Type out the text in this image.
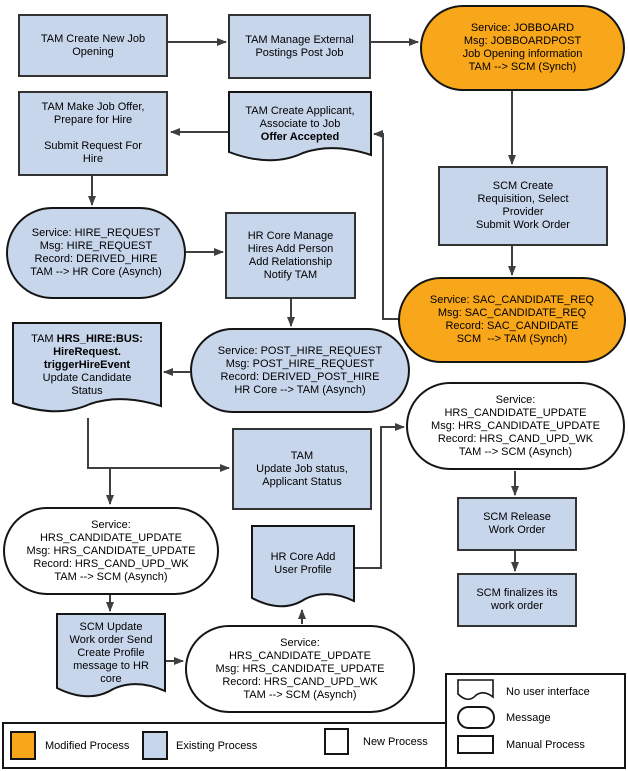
TAM Create New Job
Opening
TAM Manage External
Postings Post Job
Service: JOBBOARD
Msg: JOBBOARDPOST
Job Opening information
TAM --> SCM (Synch)
TAM Make Job Offer,
Prepare for Hire

Submit Request For
Hire
TAM Create Applicant,
Associate to Job
Offer Accepted
SCM Create
Requisition, Select
Provider
Submit Work Order
Service: HIRE_REQUEST
Msg: HIRE_REQUEST
Record: DERIVED_HIRE
TAM --> HR Core (Asynch)
HR Core Manage
Hires Add Person
Add Relationship
Notify TAM
Service: SAC_CANDIDATE_REQ
Msg: SAC_CANDIDATE_REQ
Record: SAC_CANDIDATE
SCM  --> TAM (Synch)
TAM HRS_HIRE:BUS:
HireRequest.
triggerHireEvent
Update Candidate
Status
Service: POST_HIRE_REQUEST
Msg: POST_HIRE_REQUEST
Record: DERIVED_POST_HIRE
HR Core --> TAM (Asynch)
Service:
HRS_CANDIDATE_UPDATE
Msg: HRS_CANDIDATE_UPDATE
Record: HRS_CAND_UPD_WK
TAM --> SCM (Asynch)
TAM
Update Job status,
Applicant Status
Service:
HRS_CANDIDATE_UPDATE
Msg: HRS_CANDIDATE_UPDATE
Record: HRS_CAND_UPD_WK
TAM --> SCM (Asynch)
SCM Release
Work Order
HR Core Add
User Profile
SCM finalizes its
work order
SCM Update
Work order Send
Create Profile
message to HR
core
Service:
HRS_CANDIDATE_UPDATE
Msg: HRS_CANDIDATE_UPDATE
Record: HRS_CAND_UPD_WK
TAM --> SCM (Asynch)
Modified Process	Existing Process	New Process	Manual Process
No user interface
Message
